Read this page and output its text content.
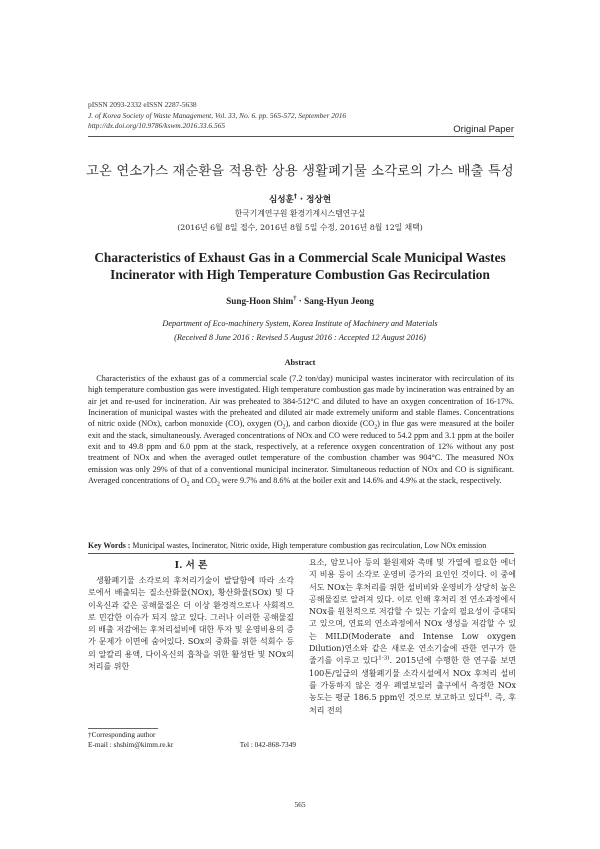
pISSN 2093-2332 eISSN 2287-5638
J. of Korea Society of Waste Management, Vol. 33, No. 6. pp. 565-572, September 2016
http://dx.doi.org/10.9786/kswm.2016.33.6.565	Original Paper
고온 연소가스 재순환을 적용한 상용 생활폐기물 소각로의 가스 배출 특성
심성훈† · 정상현
한국기계연구원 환경기계시스템연구실
(2016년 6월 8일 접수, 2016년 8월 5일 수정, 2016년 8월 12일 채택)
Characteristics of Exhaust Gas in a Commercial Scale Municipal Wastes Incinerator with High Temperature Combustion Gas Recirculation
Sung-Hoon Shim† · Sang-Hyun Jeong
Department of Eco-machinery System, Korea Institute of Machinery and Materials
(Received 8 June 2016 : Revised 5 August 2016 : Accepted 12 August 2016)
Abstract

Characteristics of the exhaust gas of a commercial scale (7.2 ton/day) municipal wastes incinerator with recirculation of its high temperature combustion gas were investigated. High temperature combustion gas made by incineration was entrained by an air jet and re-used for incineration. Air was preheated to 384-512°C and diluted to have an oxygen concentration of 16-17%. Incineration of municipal wastes with the preheated and diluted air made extremely uniform and stable flames. Concentrations of nitric oxide (NOx), carbon monoxide (CO), oxygen $(O_2)$, and carbon dioxide $(CO_2)$ in flue gas were measured at the boiler exit and the stack, simultaneously. Averaged concentrations of NOx and CO were reduced to 54.2 ppm and 3.1 ppm at the boiler exit and to 49.8 ppm and 6.0 ppm at the stack, respectively, at a reference oxygen concentration of 12% without any post treatment of NOx and when the averaged outlet temperature of the combustion chamber was 904°C. The measured NOx emission was only 29% of that of a conventional municipal incinerator. Simultaneous reduction of NOx and CO is significant. Averaged concentrations of $O_2$ and $CO_2$ were 9.7% and 8.6% at the boiler exit and 14.6% and 4.9% at the stack, respectively.

Key Words : Municipal wastes, Incinerator, Nitric oxide, High temperature combustion gas recirculation, Low NOx emission
I. 서 론

생활폐기물 소각로의 후처리기술이 발달함에 따라 소각로에서 배출되는 질소산화물(NOx), 황산화물(SOx) 및 다이옥신과 같은 공해물질은 더 이상 환경적으로나 사회적으로 민감한 이슈가 되지 않고 있다. 그러나 이러한 공해물질의 배출 저감에는 후처리설비에 대한 투자 및 운영비용의 증가 문제가 이면에 숨어있다. SOx의 중화를 위한 석회수 등의 알칼리 용액, 다이옥신의 흡착을 위한 활성탄 및 NOx의 처리를 위한

요소, 암모니아 등의 환원제와 촉매 및 가열에 필요한 에너지 비용 등이 소각로 운영비 증가의 요인인 것이다. 이 중에서도 NOx는 후처리를 위한 설비비와 운영비가 상당히 높은 공해물질로 알려져 있다. 이로 인해 후처리 전 연소과정에서 NOx를 원천적으로 저감할 수 있는 기술의 필요성이 증대되고 있으며, 연료의 연소과정에서 NOx 생성을 저감할 수 있는 MILD(Moderate and Intense Low oxygen Dilution)연소와 같은 새로운 연소기술에 관한 연구가 한 줄기를 이루고 있다$^{1-3)}$. 2015년에 수행한 한 연구를 보면 100톤/일급의 생활폐기물 소각시설에서 NOx 후처리 설비를 가동하지 않은 경우 폐열보일러 출구에서 측정한 NOx 농도는 평균 186.5 ppm인 것으로 보고하고 있다$^{4)}$. 즉, 후처리 전의

†Corresponding author
E-mail : shshim@kimm.re.kr	Tel : 042-868-7349
565
